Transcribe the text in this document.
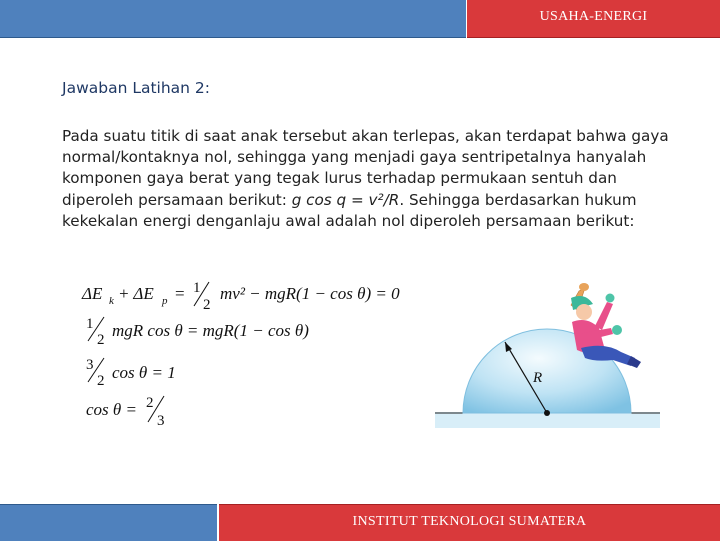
USAHA-ENERGI
Jawaban Latihan 2:
Pada suatu titik di saat anak tersebut akan terlepas, akan terdapat bahwa gaya normal/kontaknya nol, sehingga yang menjadi gaya sentripetalnya hanyalah komponen gaya berat yang tegak lurus terhadap permukaan sentuh dan diperoleh persamaan berikut: g cos q = v²/R. Sehingga berdasarkan hukum kekekalan energi denganlaju awal adalah nol diperoleh persamaan berikut:
ΔE k + ΔE p = 1
2
mv² − mgR(1 − cos θ) = 0
1
2 mgR cos θ = mgR(1 − cos θ)
3
2 cos θ = 1
cos θ = 2
3
R
INSTITUT TEKNOLOGI SUMATERA
